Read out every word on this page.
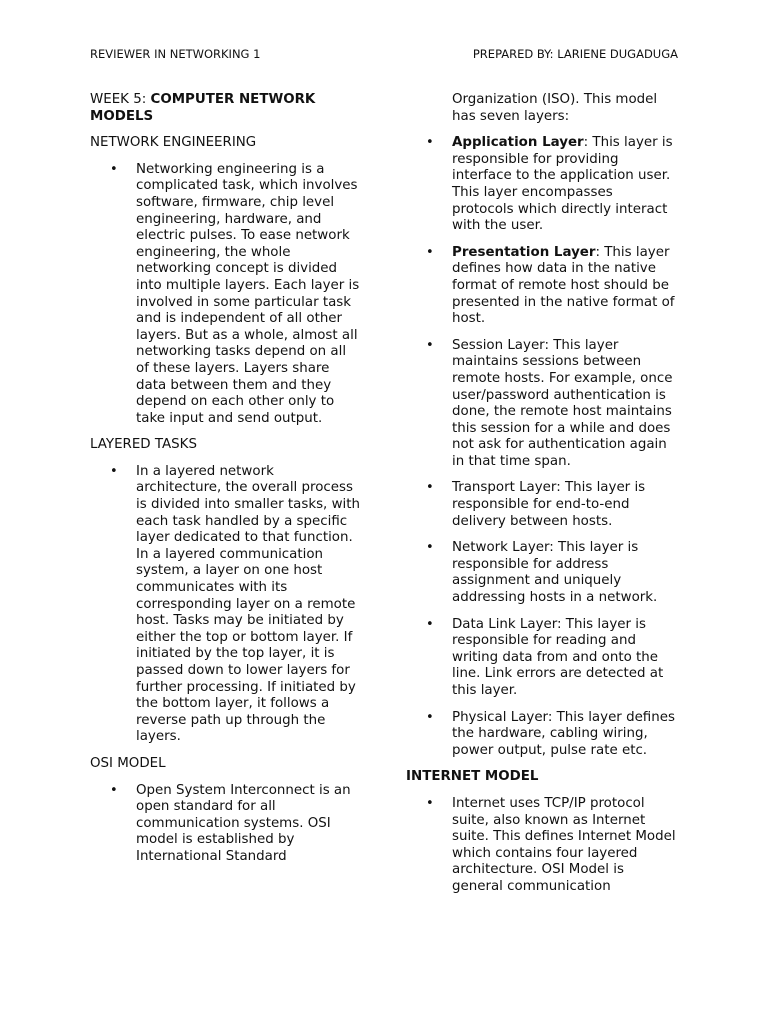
REVIEWER IN NETWORKING 1	PREPARED BY: LARIENE DUGADUGA

WEEK 5: COMPUTER NETWORK MODELS

NETWORK ENGINEERING

• Networking engineering is a complicated task, which involves software, firmware, chip level engineering, hardware, and electric pulses. To ease network engineering, the whole networking concept is divided into multiple layers. Each layer is involved in some particular task and is independent of all other layers. But as a whole, almost all networking tasks depend on all of these layers. Layers share data between them and they depend on each other only to take input and send output.

LAYERED TASKS

• In a layered network architecture, the overall process is divided into smaller tasks, with each task handled by a specific layer dedicated to that function. In a layered communication system, a layer on one host communicates with its corresponding layer on a remote host. Tasks may be initiated by either the top or bottom layer. If initiated by the top layer, it is passed down to lower layers for further processing. If initiated by the bottom layer, it follows a reverse path up through the layers.

OSI MODEL

• Open System Interconnect is an open standard for all communication systems. OSI model is established by International Standard

Organization (ISO). This model has seven layers:

• Application Layer: This layer is responsible for providing interface to the application user. This layer encompasses protocols which directly interact with the user.
• Presentation Layer: This layer defines how data in the native format of remote host should be presented in the native format of host.
• Session Layer: This layer maintains sessions between remote hosts. For example, once user/password authentication is done, the remote host maintains this session for a while and does not ask for authentication again in that time span.
• Transport Layer: This layer is responsible for end-to-end delivery between hosts.
• Network Layer: This layer is responsible for address assignment and uniquely addressing hosts in a network.
• Data Link Layer: This layer is responsible for reading and writing data from and onto the line. Link errors are detected at this layer.
• Physical Layer: This layer defines the hardware, cabling wiring, power output, pulse rate etc.

INTERNET MODEL

• Internet uses TCP/IP protocol suite, also known as Internet suite. This defines Internet Model which contains four layered architecture. OSI Model is general communication
